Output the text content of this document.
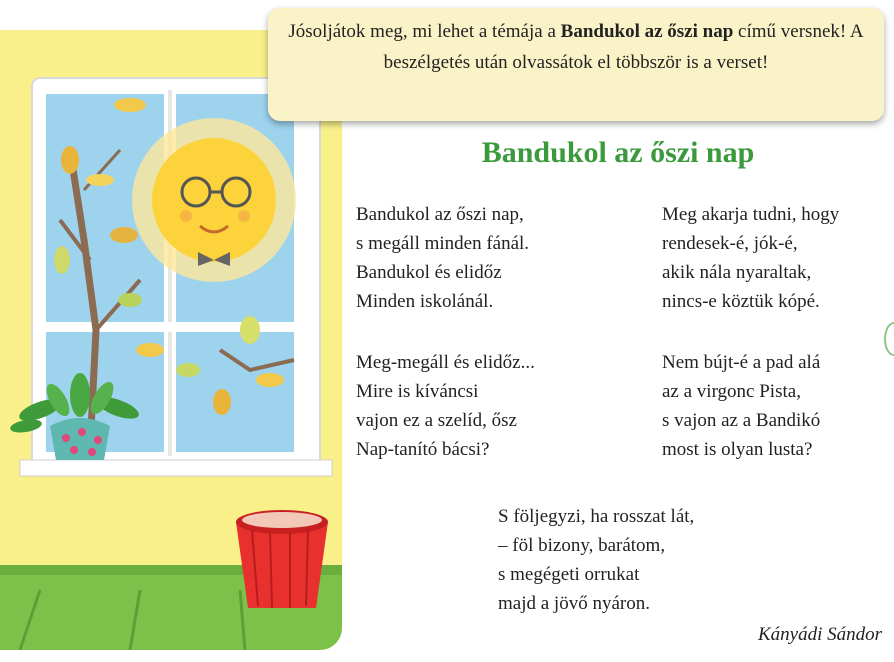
Jósoljátok meg, mi lehet a témája a Bandukol az őszi nap című versnek! A beszélgetés után olvassátok el többször is a verset!
Bandukol az őszi nap
Bandukol az őszi nap,
s megáll minden fánál.
Bandukol és elidőz
Minden iskolánál.
Meg akarja tudni, hogy
rendesek-é, jók-é,
akik nála nyaraltak,
nincs-e köztük kópé.
Meg-megáll és elidőz...
Mire is kíváncsi
vajon ez a szelíd, ősz
Nap-tanító bácsi?
Nem bújt-é a pad alá
az a virgonc Pista,
s vajon az a Bandikó
most is olyan lusta?
S följegyzi, ha rosszat lát,
– föl bizony, barátom,
s megégeti orrukat
majd a jövő nyáron.
Kányádi Sándor
